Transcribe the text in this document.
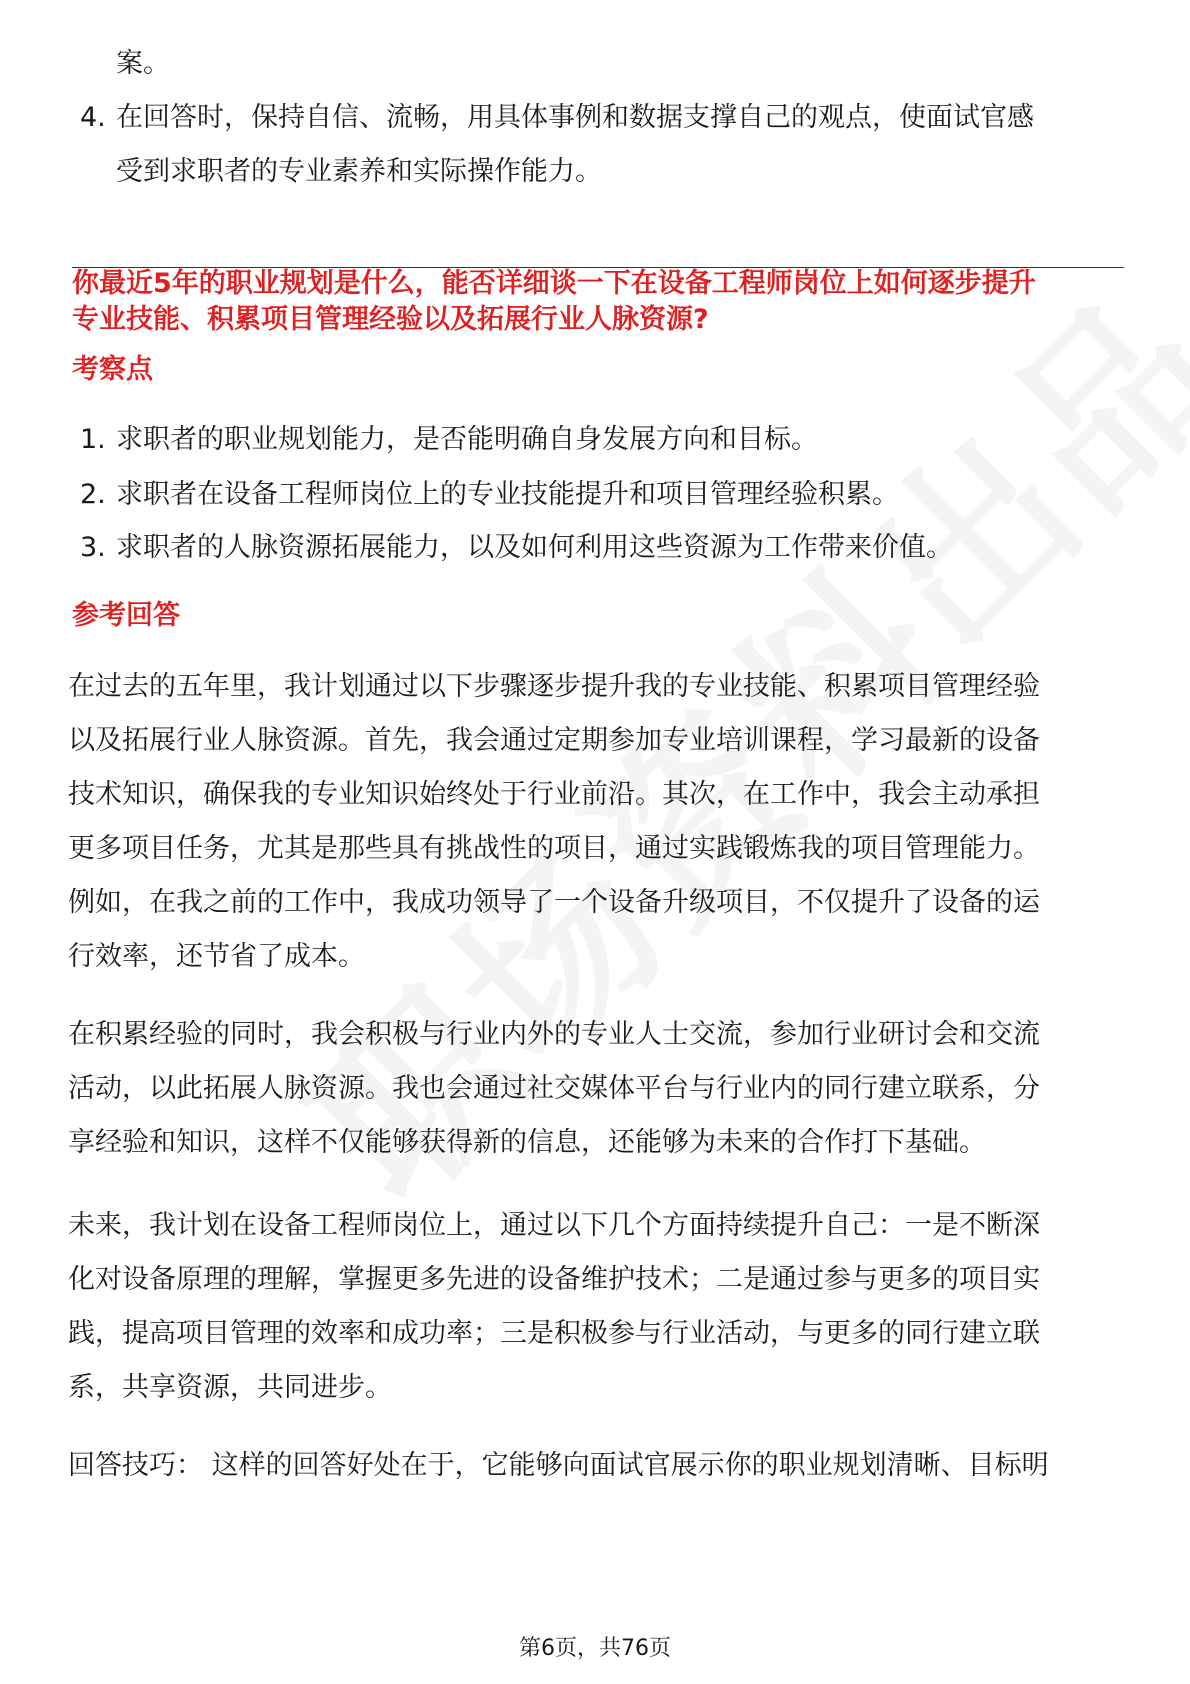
案。
4. 在回答时，保持自信、流畅，用具体事例和数据支撑自己的观点，使面试官感
受到求职者的专业素养和实际操作能力。
你最近5年的职业规划是什么，能否详细谈一下在设备工程师岗位上如何逐步提升
专业技能、积累项目管理经验以及拓展行业人脉资源?
考察点
1. 求职者的职业规划能力，是否能明确自身发展方向和目标。
2. 求职者在设备工程师岗位上的专业技能提升和项目管理经验积累。
3. 求职者的人脉资源拓展能力，以及如何利用这些资源为工作带来价值。
参考回答
在过去的五年里，我计划通过以下步骤逐步提升我的专业技能、积累项目管理经验
以及拓展行业人脉资源。首先，我会通过定期参加专业培训课程，学习最新的设备
技术知识，确保我的专业知识始终处于行业前沿。其次，在工作中，我会主动承担
更多项目任务，尤其是那些具有挑战性的项目，通过实践锻炼我的项目管理能力。
例如，在我之前的工作中，我成功领导了一个设备升级项目，不仅提升了设备的运
行效率，还节省了成本。
在积累经验的同时，我会积极与行业内外的专业人士交流，参加行业研讨会和交流
活动，以此拓展人脉资源。我也会通过社交媒体平台与行业内的同行建立联系，分
享经验和知识，这样不仅能够获得新的信息，还能够为未来的合作打下基础。
未来，我计划在设备工程师岗位上，通过以下几个方面持续提升自己：一是不断深
化对设备原理的理解，掌握更多先进的设备维护技术；二是通过参与更多的项目实
践，提高项目管理的效率和成功率；三是积极参与行业活动，与更多的同行建立联
系，共享资源，共同进步。
回答技巧： 这样的回答好处在于，它能够向面试官展示你的职业规划清晰、目标明
第6页，共76页
